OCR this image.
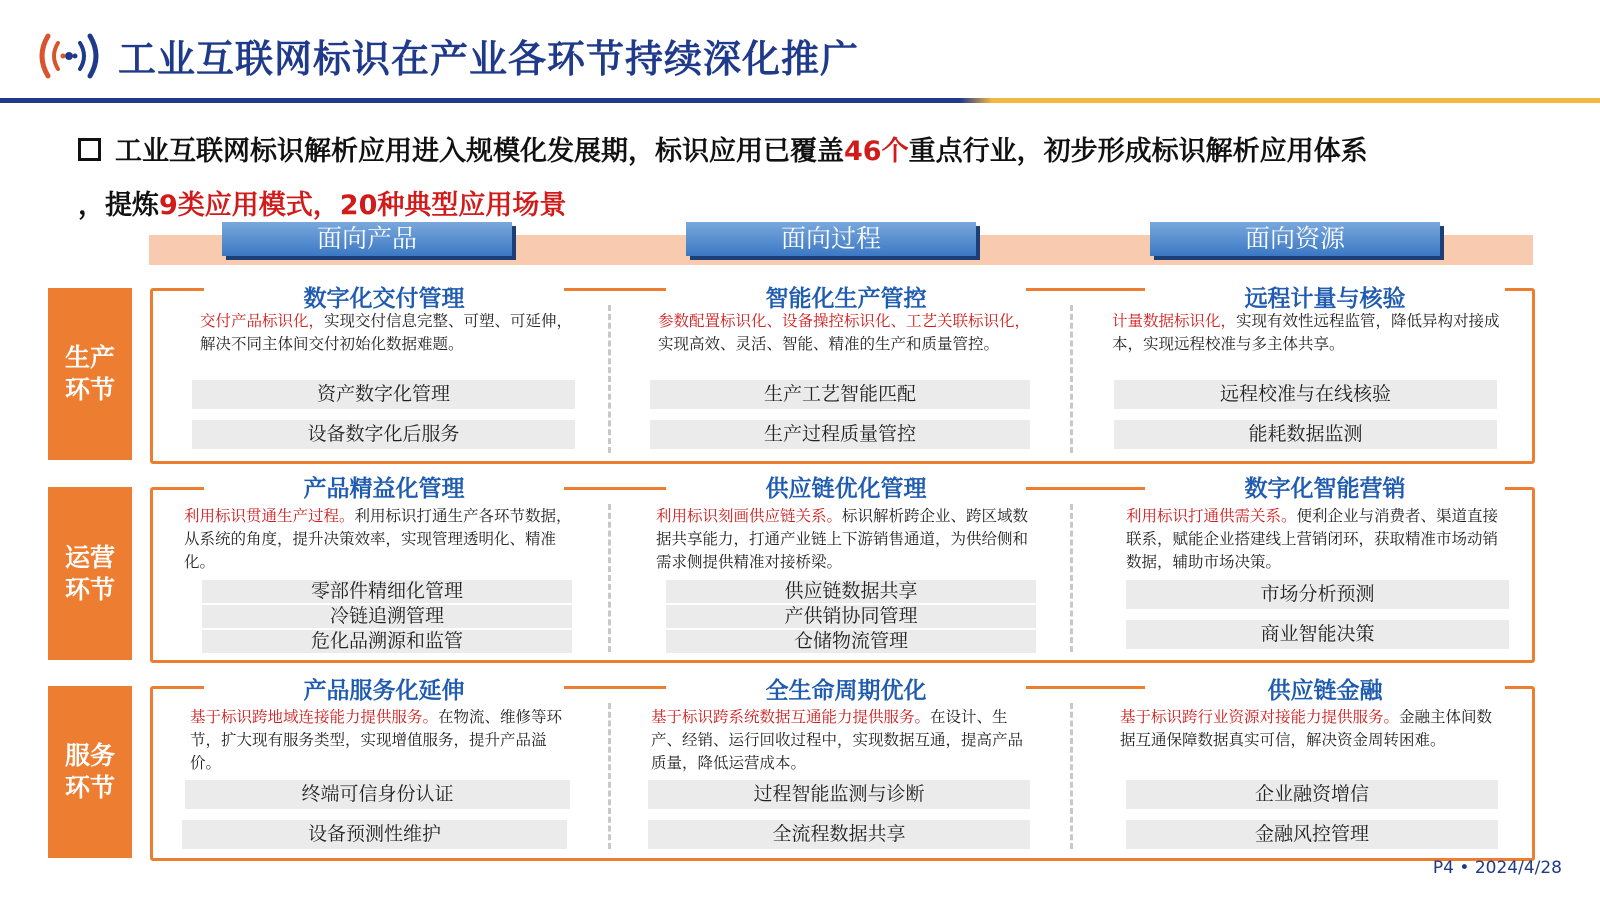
工业互联网标识在产业各环节持续深化推广
工业互联网标识解析应用进入规模化发展期，标识应用已覆盖46个重点行业，初步形成标识解析应用体系
，提炼9类应用模式，20种典型应用场景
面向产品	面向过程	面向资源
生产
环节
数字化交付管理
交付产品标识化，实现交付信息完整、可塑、可延伸，解决不同主体间交付初始化数据难题。
资产数字化管理
设备数字化后服务
智能化生产管控
参数配置标识化、设备操控标识化、工艺关联标识化，实现高效、灵活、智能、精准的生产和质量管控。
生产工艺智能匹配
生产过程质量管控
远程计量与核验
计量数据标识化，实现有效性远程监管，降低异构对接成本，实现远程校准与多主体共享。
远程校准与在线核验
能耗数据监测
运营
环节
产品精益化管理
利用标识贯通生产过程。利用标识打通生产各环节数据，从系统的角度，提升决策效率，实现管理透明化、精准化。
零部件精细化管理
冷链追溯管理
危化品溯源和监管
供应链优化管理
利用标识刻画供应链关系。标识解析跨企业、跨区域数据共享能力，打通产业链上下游销售通道，为供给侧和需求侧提供精准对接桥梁。
供应链数据共享
产供销协同管理
仓储物流管理
数字化智能营销
利用标识打通供需关系。便利企业与消费者、渠道直接联系，赋能企业搭建线上营销闭环，获取精准市场动销数据，辅助市场决策。
市场分析预测
商业智能决策
服务
环节
产品服务化延伸
基于标识跨地域连接能力提供服务。在物流、维修等环节，扩大现有服务类型，实现增值服务，提升产品溢价。
终端可信身份认证
设备预测性维护
全生命周期优化
基于标识跨系统数据互通能力提供服务。在设计、生产、经销、运行回收过程中，实现数据互通，提高产品质量，降低运营成本。
过程智能监测与诊断
全流程数据共享
供应链金融
基于标识跨行业资源对接能力提供服务。金融主体间数据互通保障数据真实可信，解决资金周转困难。
企业融资增信
金融风控管理
P4 • 2024/4/28
